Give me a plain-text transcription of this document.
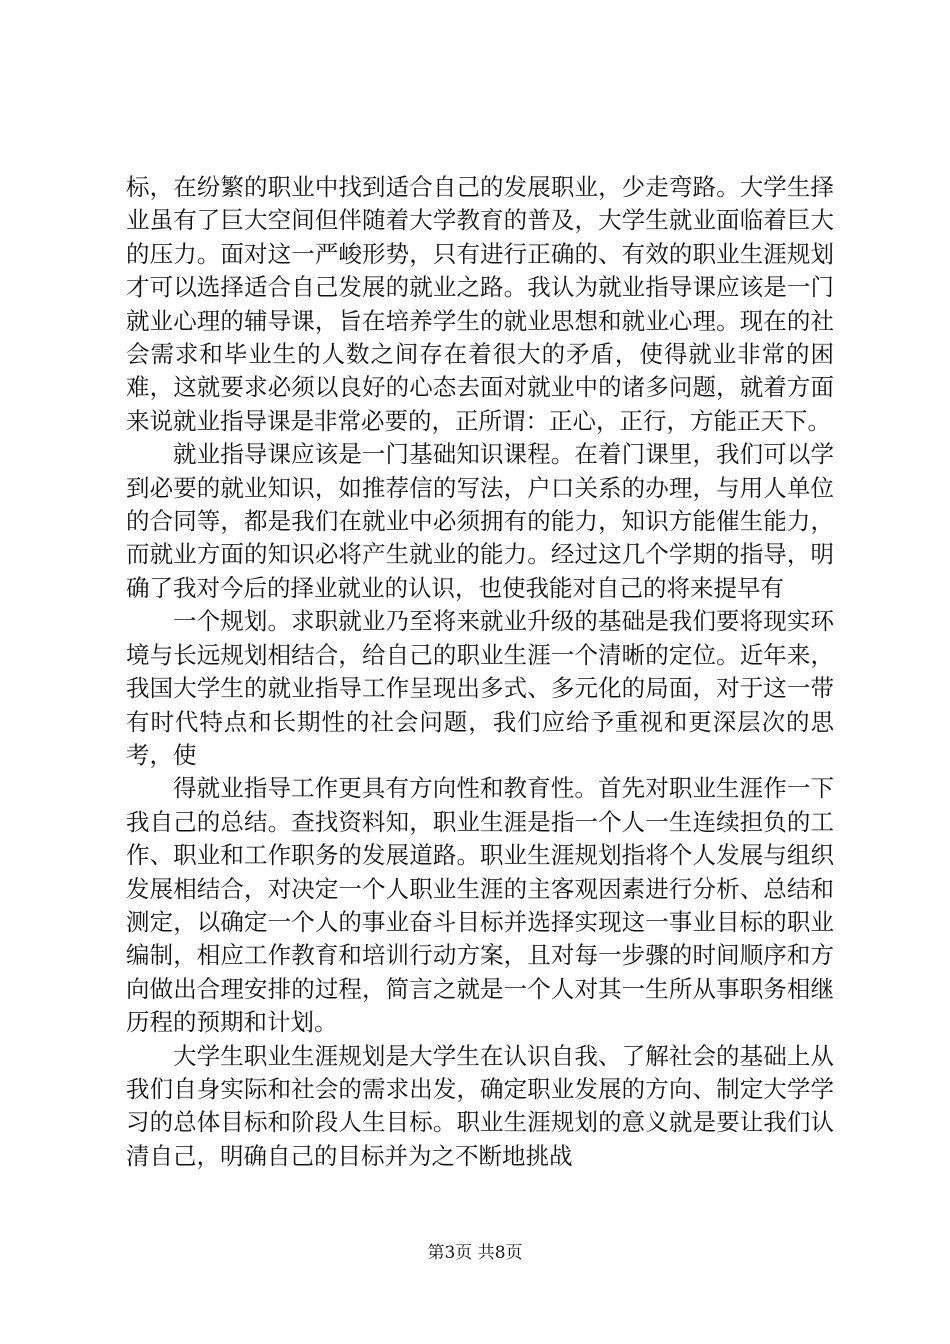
标，在纷繁的职业中找到适合自己的发展职业，少走弯路。大学生择业虽有了巨大空间但伴随着大学教育的普及，大学生就业面临着巨大的压力。面对这一严峻形势，只有进行正确的、有效的职业生涯规划才可以选择适合自己发展的就业之路。我认为就业指导课应该是一门就业心理的辅导课，旨在培养学生的就业思想和就业心理。现在的社会需求和毕业生的人数之间存在着很大的矛盾，使得就业非常的困难，这就要求必须以良好的心态去面对就业中的诸多问题，就着方面来说就业指导课是非常必要的，正所谓：正心，正行，方能正天下。

就业指导课应该是一门基础知识课程。在着门课里，我们可以学到必要的就业知识，如推荐信的写法，户口关系的办理，与用人单位的合同等，都是我们在就业中必须拥有的能力，知识方能催生能力，而就业方面的知识必将产生就业的能力。经过这几个学期的指导，明确了我对今后的择业就业的认识，也使我能对自己的将来提早有

一个规划。求职就业乃至将来就业升级的基础是我们要将现实环境与长远规划相结合，给自己的职业生涯一个清晰的定位。近年来，我国大学生的就业指导工作呈现出多式、多元化的局面，对于这一带有时代特点和长期性的社会问题，我们应给予重视和更深层次的思考，使

得就业指导工作更具有方向性和教育性。首先对职业生涯作一下我自己的总结。查找资料知，职业生涯是指一个人一生连续担负的工作、职业和工作职务的发展道路。职业生涯规划指将个人发展与组织发展相结合，对决定一个人职业生涯的主客观因素进行分析、总结和测定，以确定一个人的事业奋斗目标并选择实现这一事业目标的职业编制，相应工作教育和培训行动方案，且对每一步骤的时间顺序和方向做出合理安排的过程，简言之就是一个人对其一生所从事职务相继历程的预期和计划。

大学生职业生涯规划是大学生在认识自我、了解社会的基础上从我们自身实际和社会的需求出发，确定职业发展的方向、制定大学学习的总体目标和阶段人生目标。职业生涯规划的意义就是要让我们认清自己，明确自己的目标并为之不断地挑战

第3页 共8页
